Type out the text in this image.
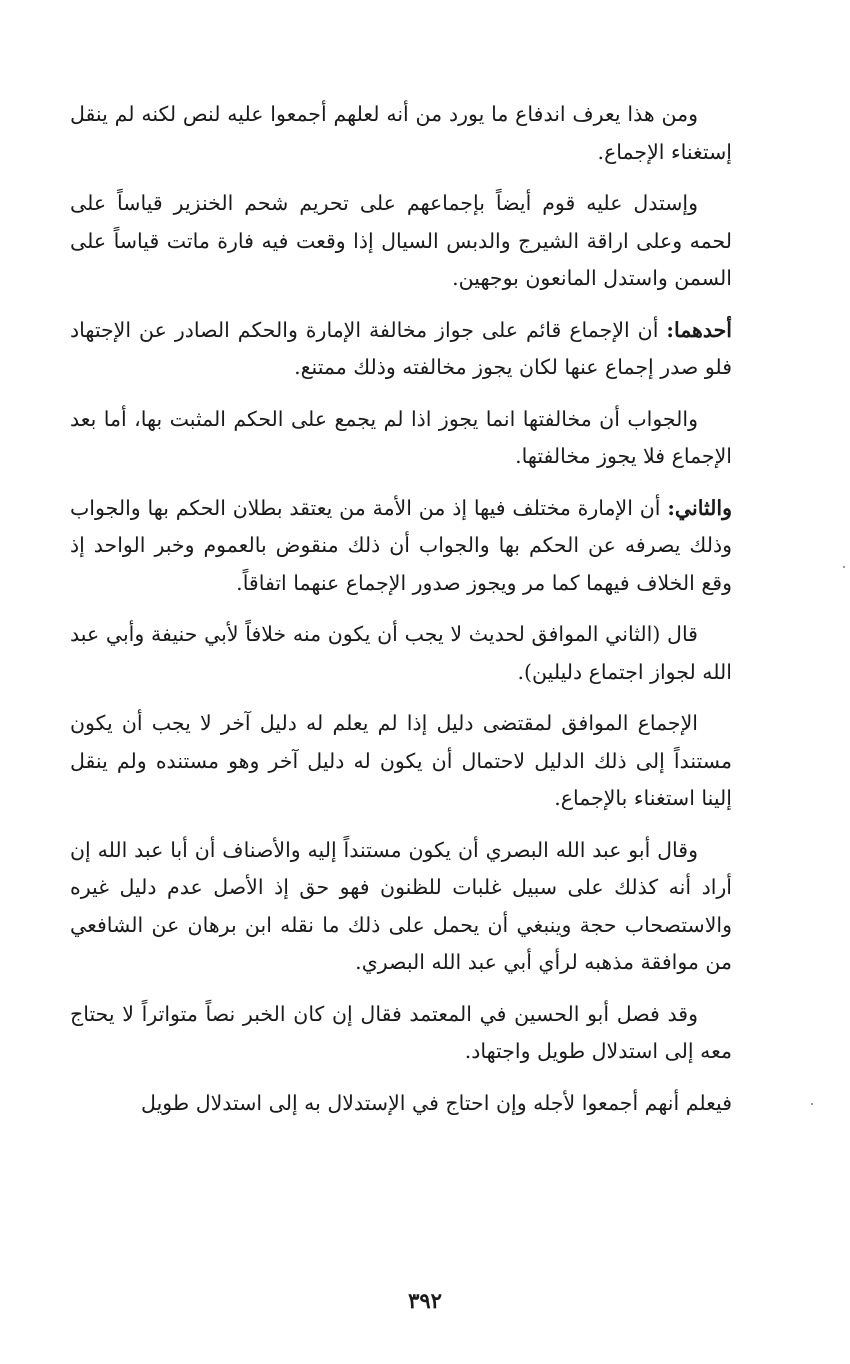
ومن هذا يعرف اندفاع ما يورد من أنه لعلهم أجمعوا عليه لنص لكنه لم ينقل إستغناء الإجماع.

وإستدل عليه قوم أيضاً بإجماعهم على تحريم شحم الخنزير قياساً على لحمه وعلى اراقة الشيرج والدبس السيال إذا وقعت فيه فارة ماتت قياساً على السمن واستدل المانعون بوجهين.

أحدهما: أن الإجماع قائم على جواز مخالفة الإمارة والحكم الصادر عن الإجتهاد فلو صدر إجماع عنها لكان يجوز مخالفته وذلك ممتنع.

والجواب أن مخالفتها انما يجوز اذا لم يجمع على الحكم المثبت بها، أما بعد الإجماع فلا يجوز مخالفتها.

والثاني: أن الإمارة مختلف فيها إذ من الأمة من يعتقد بطلان الحكم بها والجواب وذلك يصرفه عن الحكم بها والجواب أن ذلك منقوض بالعموم وخبر الواحد إذ وقع الخلاف فيهما كما مر ويجوز صدور الإجماع عنهما اتفاقاً.

قال (الثاني الموافق لحديث لا يجب أن يكون منه خلافاً لأبي حنيفة وأبي عبد الله لجواز اجتماع دليلين).

الإجماع الموافق لمقتضى دليل إذا لم يعلم له دليل آخر لا يجب أن يكون مستنداً إلى ذلك الدليل لاحتمال أن يكون له دليل آخر وهو مستنده ولم ينقل إلينا استغناء بالإجماع.

وقال أبو عبد الله البصري أن يكون مستنداً إليه والأصناف أن أبا عبد الله إن أراد أنه كذلك على سبيل غلبات للظنون فهو حق إذ الأصل عدم دليل غيره والاستصحاب حجة وينبغي أن يحمل على ذلك ما نقله ابن برهان عن الشافعي من موافقة مذهبه لرأي أبي عبد الله البصري.

وقد فصل أبو الحسين في المعتمد فقال إن كان الخبر نصاً متواتراً لا يحتاج معه إلى استدلال طويل واجتهاد.

فيعلم أنهم أجمعوا لأجله وإن احتاج في الإستدلال به إلى استدلال طويل

٣٩٢
